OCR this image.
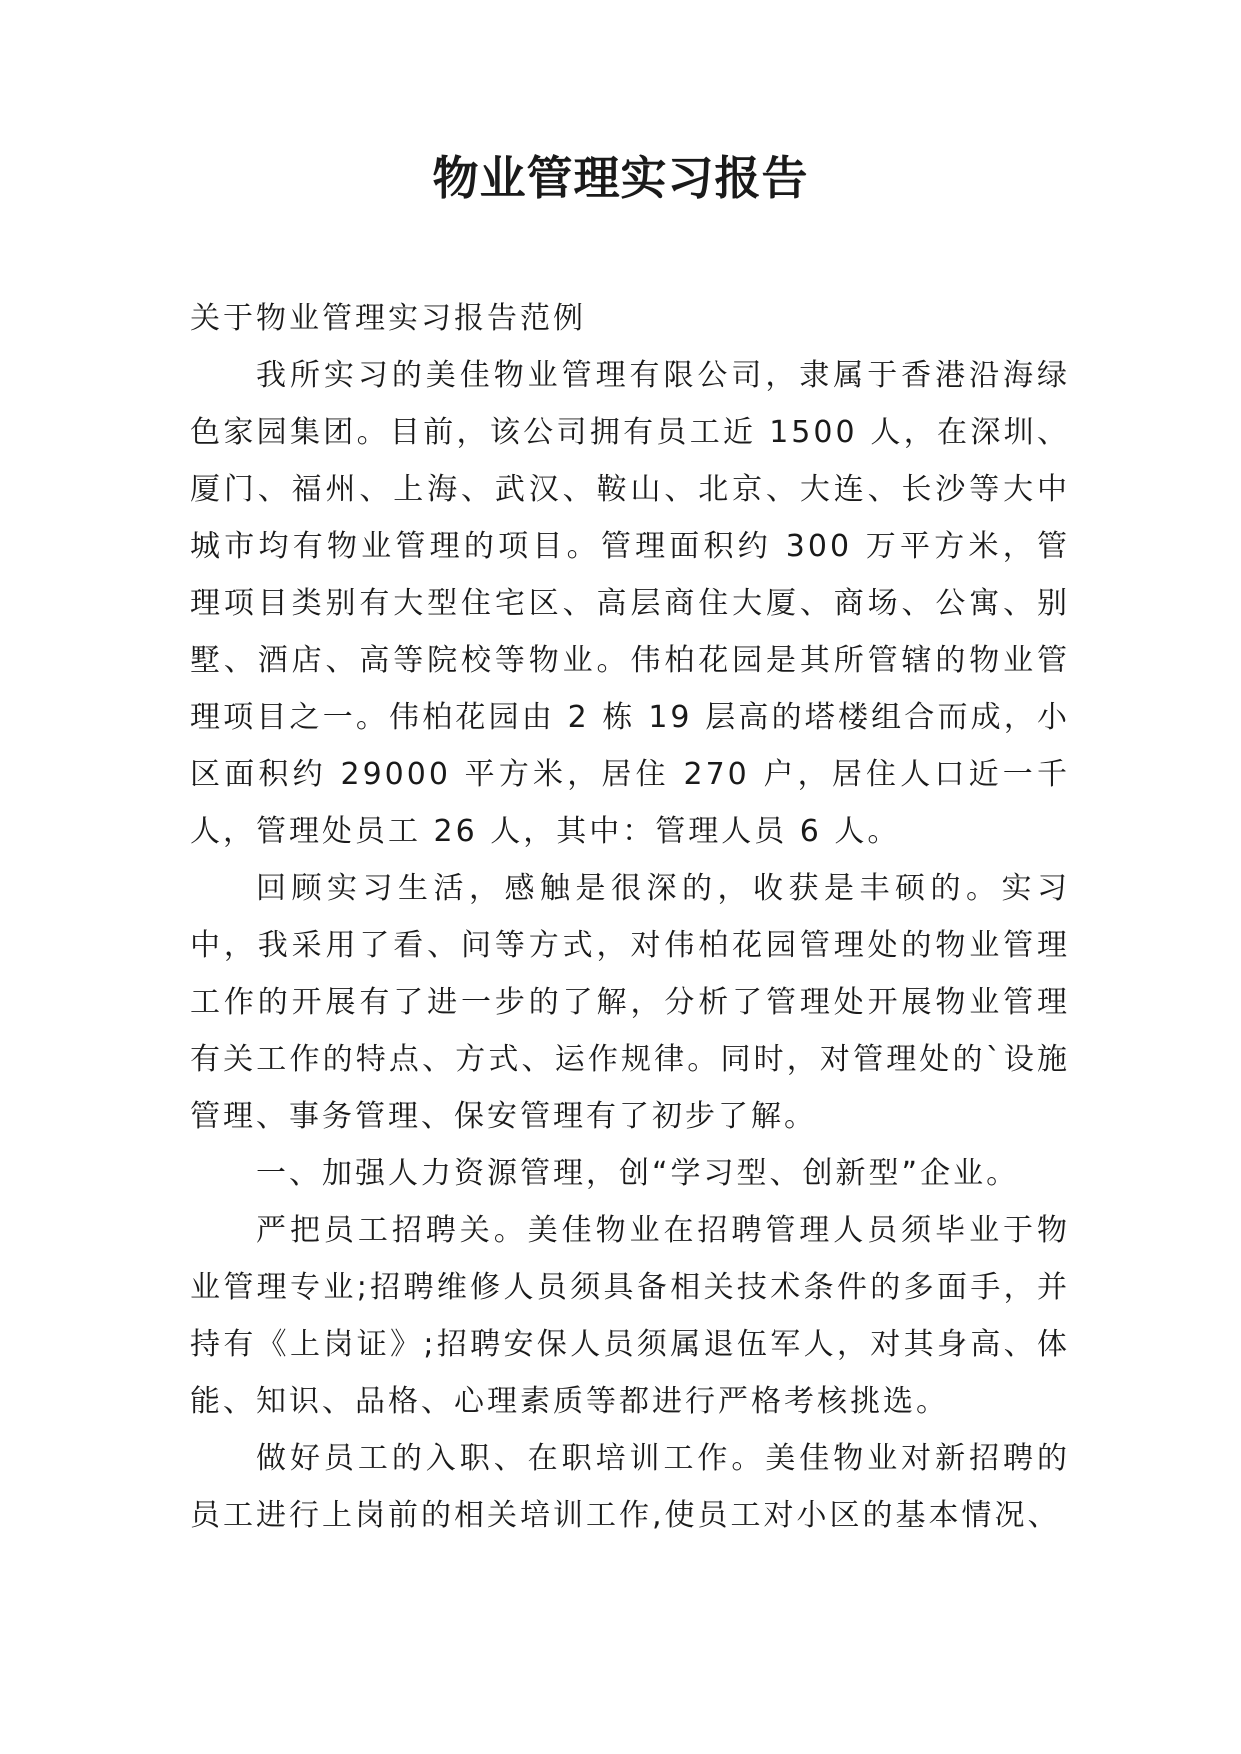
物业管理实习报告

关于物业管理实习报告范例

我所实习的美佳物业管理有限公司，隶属于香港沿海绿色家园集团。目前，该公司拥有员工近 1500 人，在深圳、厦门、福州、上海、武汉、鞍山、北京、大连、长沙等大中城市均有物业管理的项目。管理面积约 300 万平方米，管理项目类别有大型住宅区、高层商住大厦、商场、公寓、别墅、酒店、高等院校等物业。伟柏花园是其所管辖的物业管理项目之一。伟柏花园由 2 栋 19 层高的塔楼组合而成，小区面积约 29000 平方米，居住 270 户，居住人口近一千人，管理处员工 26 人，其中：管理人员 6 人。

回顾实习生活，感触是很深的，收获是丰硕的。实习中，我采用了看、问等方式，对伟柏花园管理处的物业管理工作的开展有了进一步的了解，分析了管理处开展物业管理有关工作的特点、方式、运作规律。同时，对管理处的`设施管理、事务管理、保安管理有了初步了解。

一、加强人力资源管理，创“学习型、创新型”企业。

严把员工招聘关。美佳物业在招聘管理人员须毕业于物业管理专业;招聘维修人员须具备相关技术条件的多面手，并持有《上岗证》;招聘安保人员须属退伍军人，对其身高、体能、知识、品格、心理素质等都进行严格考核挑选。

做好员工的入职、在职培训工作。美佳物业对新招聘的员工进行上岗前的相关培训工作,使员工对小区的基本情况、
